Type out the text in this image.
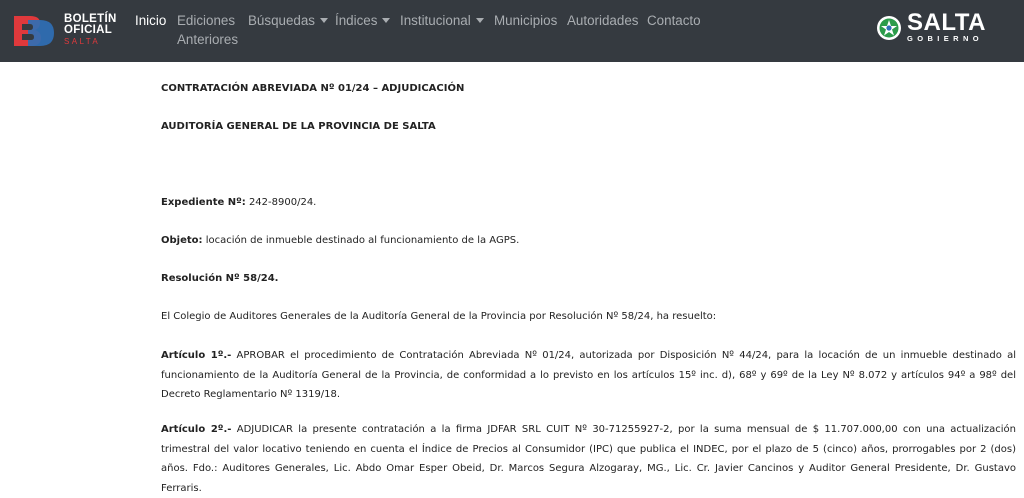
BOLETÍN
OFICIAL
SALTA
Inicio Ediciones
Anteriores
Búsquedas	Índices	Institucional	Municipios Autoridades Contacto	SALTA
GOBIERNO
CONTRATACIÓN ABREVIADA Nº 01/24 – ADJUDICACIÓN
AUDITORÍA GENERAL DE LA PROVINCIA DE SALTA
Expediente Nº: 242-8900/24.
Objeto: locación de inmueble destinado al funcionamiento de la AGPS.
Resolución Nº 58/24.
El Colegio de Auditores Generales de la Auditoría General de la Provincia por Resolución Nº 58/24, ha resuelto:
Artículo 1º.- APROBAR el procedimiento de Contratación Abreviada Nº 01/24, autorizada por Disposición Nº 44/24, para la locación de un inmueble destinado al funcionamiento de la Auditoría General de la Provincia, de conformidad a lo previsto en los artículos 15º inc. d), 68º y 69º de la Ley Nº 8.072 y artículos 94º a 98º del Decreto Reglamentario Nº 1319/18.
Artículo 2º.- ADJUDICAR la presente contratación a la firma JDFAR SRL CUIT Nº 30-71255927-2, por la suma mensual de $ 11.707.000,00 con una actualización trimestral del valor locativo teniendo en cuenta el Índice de Precios al Consumidor (IPC) que publica el INDEC, por el plazo de 5 (cinco) años, prorrogables por 2 (dos) años. Fdo.: Auditores Generales, Lic. Abdo Omar Esper Obeid, Dr. Marcos Segura Alzogaray, MG., Lic. Cr. Javier Cancinos y Auditor General Presidente, Dr. Gustavo Ferraris.
